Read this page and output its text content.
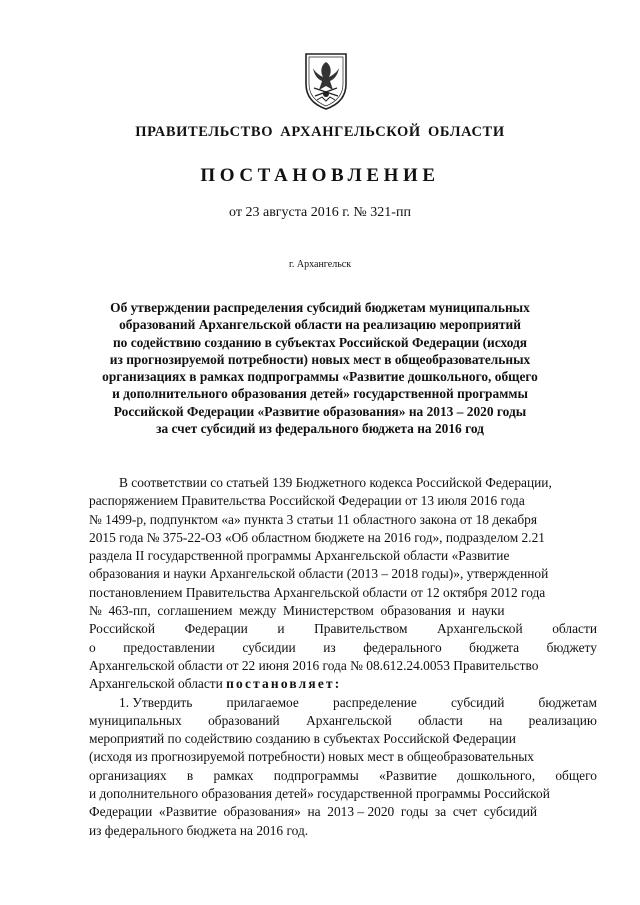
ПРАВИТЕЛЬСТВО АРХАНГЕЛЬСКОЙ ОБЛАСТИ
ПОСТАНОВЛЕНИЕ
от 23 августа 2016 г. № 321-пп
г. Архангельск
Об утверждении распределения субсидий бюджетам муниципальных
образований Архангельской области на реализацию мероприятий
по содействию созданию в субъектах Российской Федерации (исходя
из прогнозируемой потребности) новых мест в общеобразовательных
организациях в рамках подпрограммы «Развитие дошкольного, общего
и дополнительного образования детей» государственной программы
Российской Федерации «Развитие образования» на 2013 – 2020 годы
за счет субсидий из федерального бюджета на 2016 год
В соответствии со статьей 139 Бюджетного кодекса Российской Федерации,
распоряжением Правительства Российской Федерации от 13 июля 2016 года
№ 1499-р, подпунктом «а» пункта 3 статьи 11 областного закона от 18 декабря
2015 года № 375-22-ОЗ «Об областном бюджете на 2016 год», подразделом 2.21
раздела II государственной программы Архангельской области «Развитие
образования и науки Архангельской области (2013 – 2018 годы)», утвержденной
постановлением Правительства Архангельской области от 12 октября 2012 года
№  463-пп,  соглашением  между  Министерством  образования  и  науки
Российской Федерации и Правительством Архангельской области
о предоставлении субсидии из федерального бюджета бюджету
Архангельской области от 22 июня 2016 года № 08.612.24.0053 Правительство
Архангельской области постановляет:
1. Утвердить	прилагаемое	распределение	субсидий	бюджетам
муниципальных образований Архангельской области на реализацию
мероприятий по содействию созданию в субъектах Российской Федерации
(исходя из прогнозируемой потребности) новых мест в общеобразовательных
организациях в рамках подпрограммы «Развитие дошкольного, общего
и дополнительного образования детей» государственной программы Российской
Федерации  «Развитие  образования»  на  2013 – 2020  годы  за  счет  субсидий
из федерального бюджета на 2016 год.
